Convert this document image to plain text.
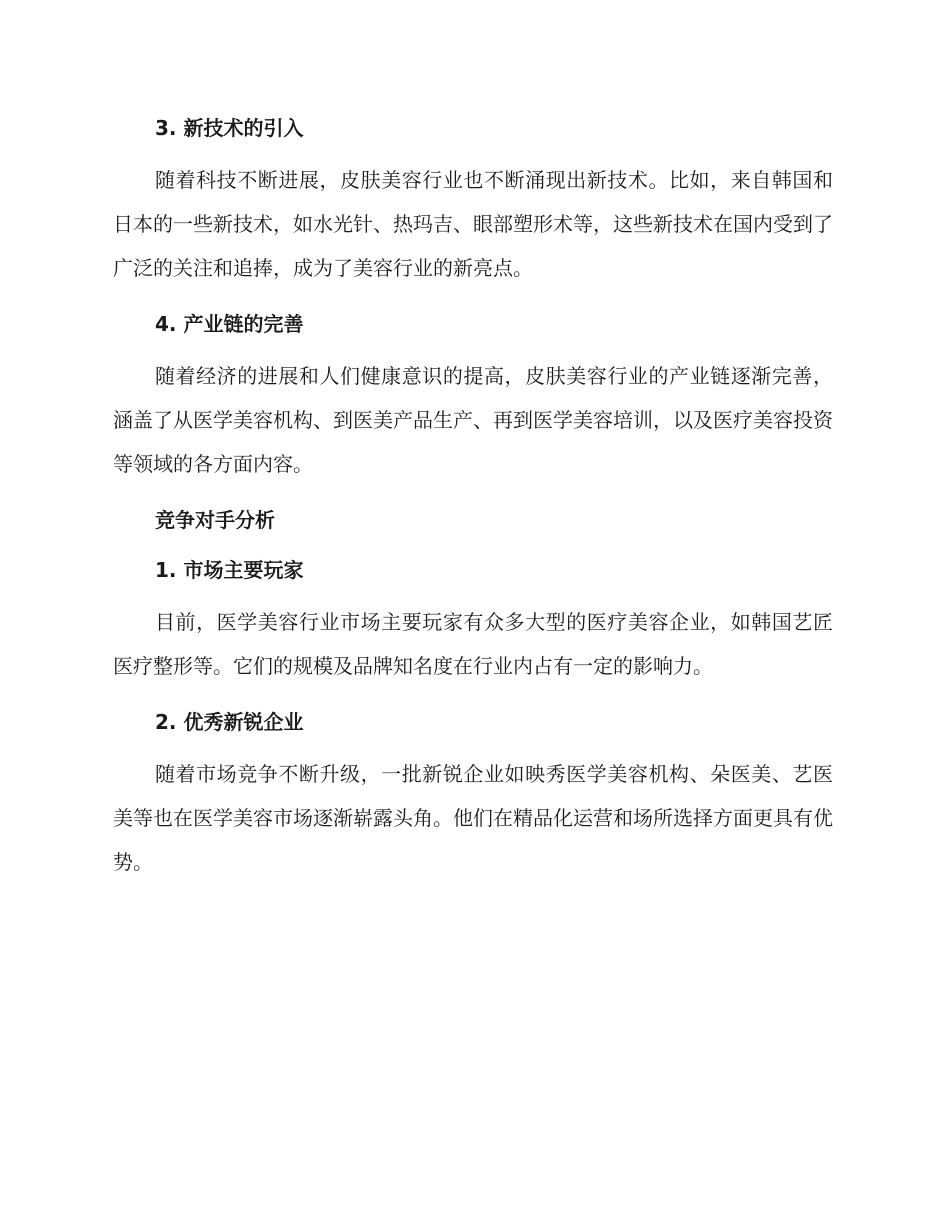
3. 新技术的引入

随着科技不断进展，皮肤美容行业也不断涌现出新技术。比如，来自韩国和日本的一些新技术，如水光针、热玛吉、眼部塑形术等，这些新技术在国内受到了广泛的关注和追捧，成为了美容行业的新亮点。

4. 产业链的完善

随着经济的进展和人们健康意识的提高，皮肤美容行业的产业链逐渐完善，涵盖了从医学美容机构、到医美产品生产、再到医学美容培训，以及医疗美容投资等领域的各方面内容。

竞争对手分析
1. 市场主要玩家

目前，医学美容行业市场主要玩家有众多大型的医疗美容企业，如韩国艺匠医疗整形等。它们的规模及品牌知名度在行业内占有一定的影响力。

2. 优秀新锐企业

随着市场竞争不断升级，一批新锐企业如映秀医学美容机构、朵医美、艺医美等也在医学美容市场逐渐崭露头角。他们在精品化运营和场所选择方面更具有优势。
